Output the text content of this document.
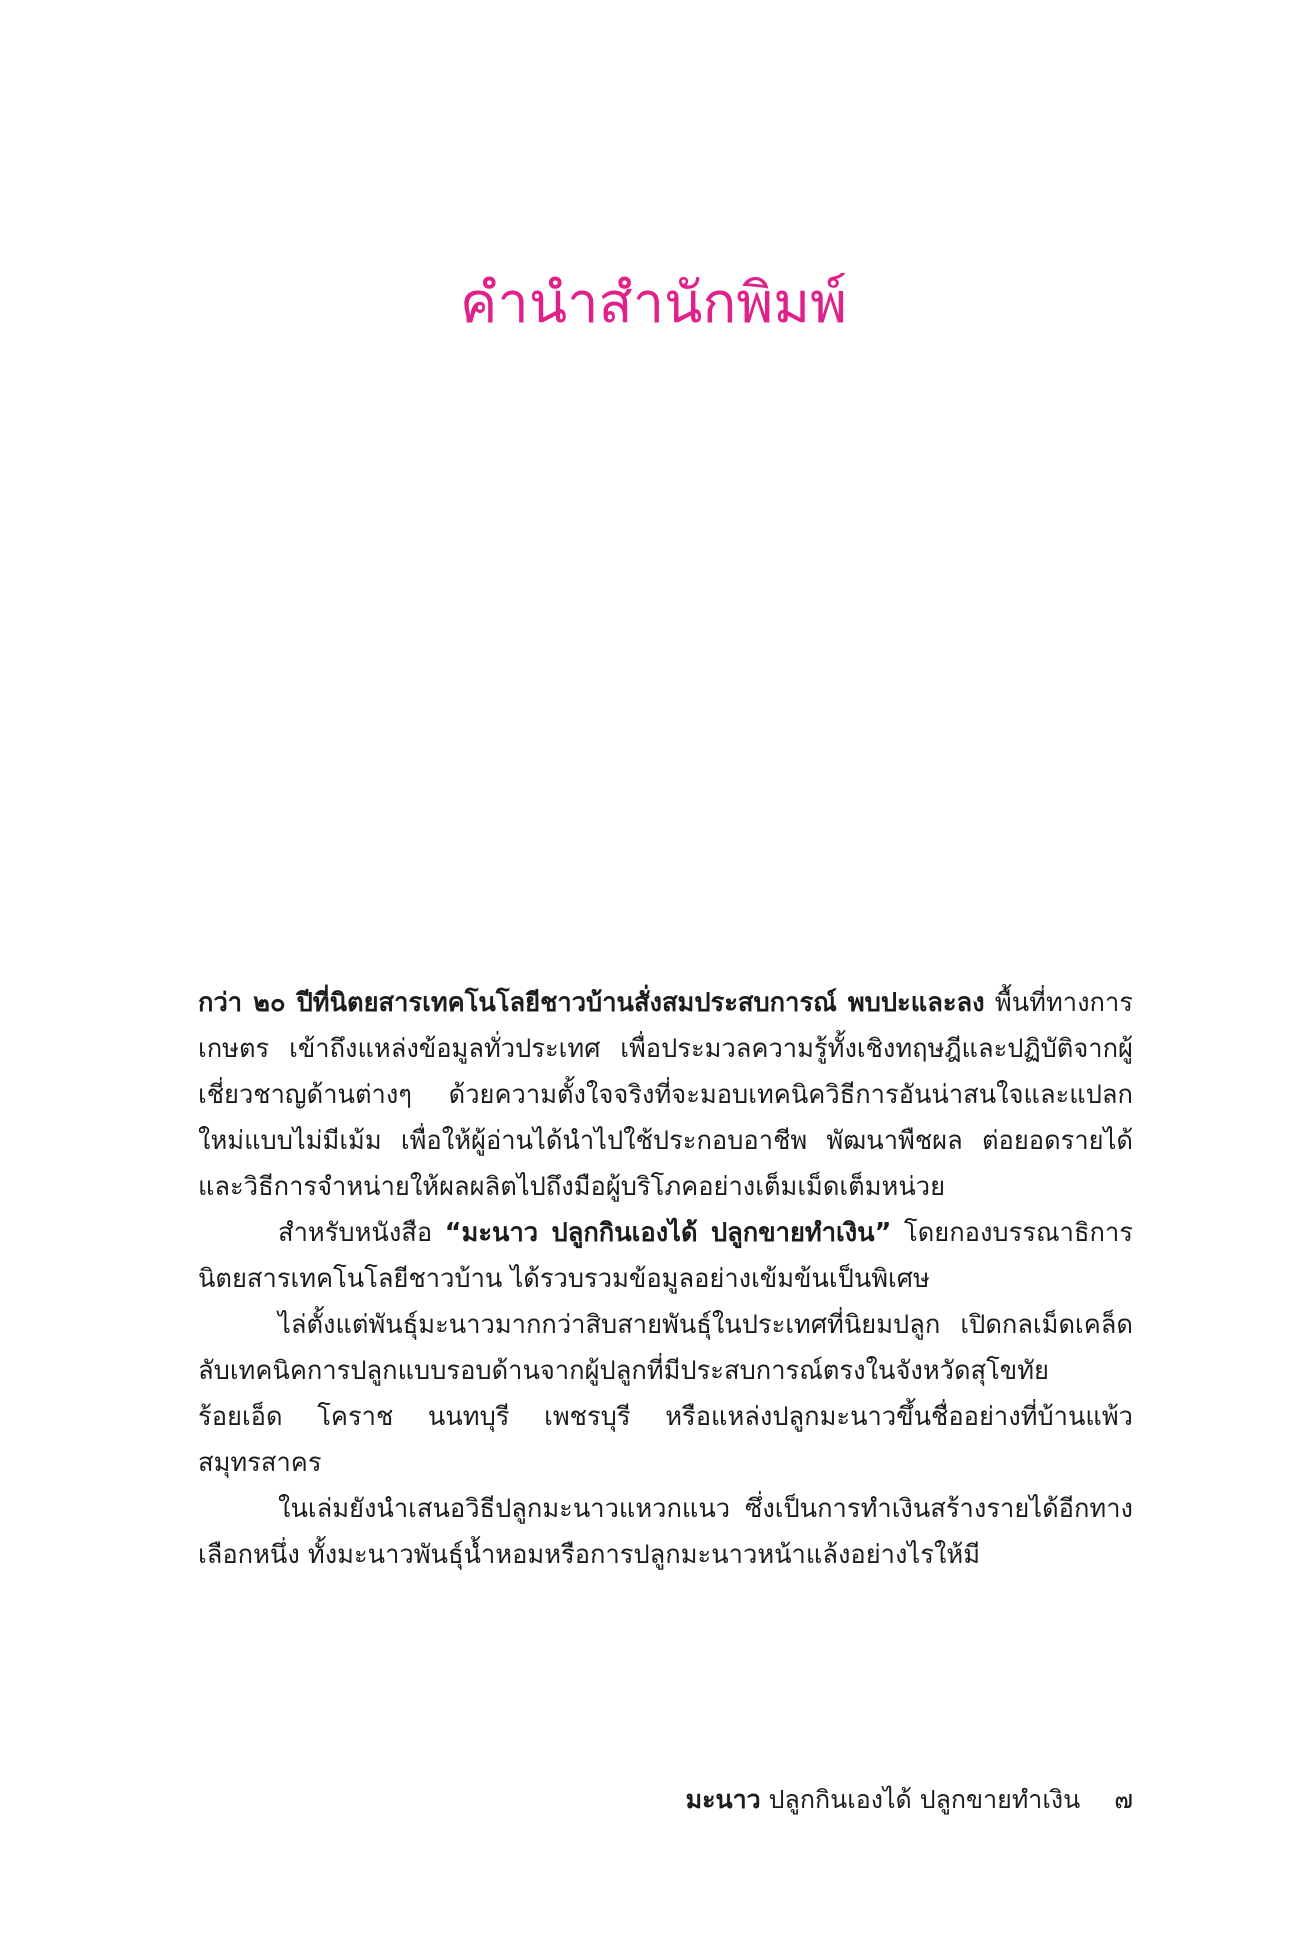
คำนำสำนักพิมพ์

กว่า ๒๐ ปีที่นิตยสารเทคโนโลยีชาวบ้านสั่งสมประสบการณ์ พบปะและลง พื้นที่ทางการเกษตร เข้าถึงแหล่งข้อมูลทั่วประเทศ เพื่อประมวลความรู้ทั้งเชิงทฤษฎีและปฏิบัติจากผู้เชี่ยวชาญด้านต่างๆ ด้วยความตั้งใจจริงที่จะมอบเทคนิควิธีการอันน่าสนใจและแปลกใหม่แบบไม่มีเม้ม เพื่อให้ผู้อ่านได้นำไปใช้ประกอบอาชีพ พัฒนาพืชผล ต่อยอดรายได้ และวิธีการจำหน่ายให้ผลผลิตไปถึงมือผู้บริโภคอย่างเต็มเม็ดเต็มหน่วย

สำหรับหนังสือ “มะนาว ปลูกกินเองได้ ปลูกขายทำเงิน” โดยกองบรรณาธิการนิตยสารเทคโนโลยีชาวบ้าน ได้รวบรวมข้อมูลอย่างเข้มข้นเป็นพิเศษ

ไล่ตั้งแต่พันธุ์มะนาวมากกว่าสิบสายพันธุ์ในประเทศที่นิยมปลูก เปิดกลเม็ดเคล็ดลับเทคนิคการปลูกแบบรอบด้านจากผู้ปลูกที่มีประสบการณ์ตรงในจังหวัดสุโขทัย ร้อยเอ็ด โคราช นนทบุรี เพชรบุรี หรือแหล่งปลูกมะนาวขึ้นชื่ออย่างที่บ้านแพ้วสมุทรสาคร

ในเล่มยังนำเสนอวิธีปลูกมะนาวแหวกแนว ซึ่งเป็นการทำเงินสร้างรายได้อีกทางเลือกหนึ่ง ทั้งมะนาวพันธุ์น้ำหอมหรือการปลูกมะนาวหน้าแล้งอย่างไรให้มี

มะนาว ปลูกกินเองได้ ปลูกขายทำเงิน ๗
